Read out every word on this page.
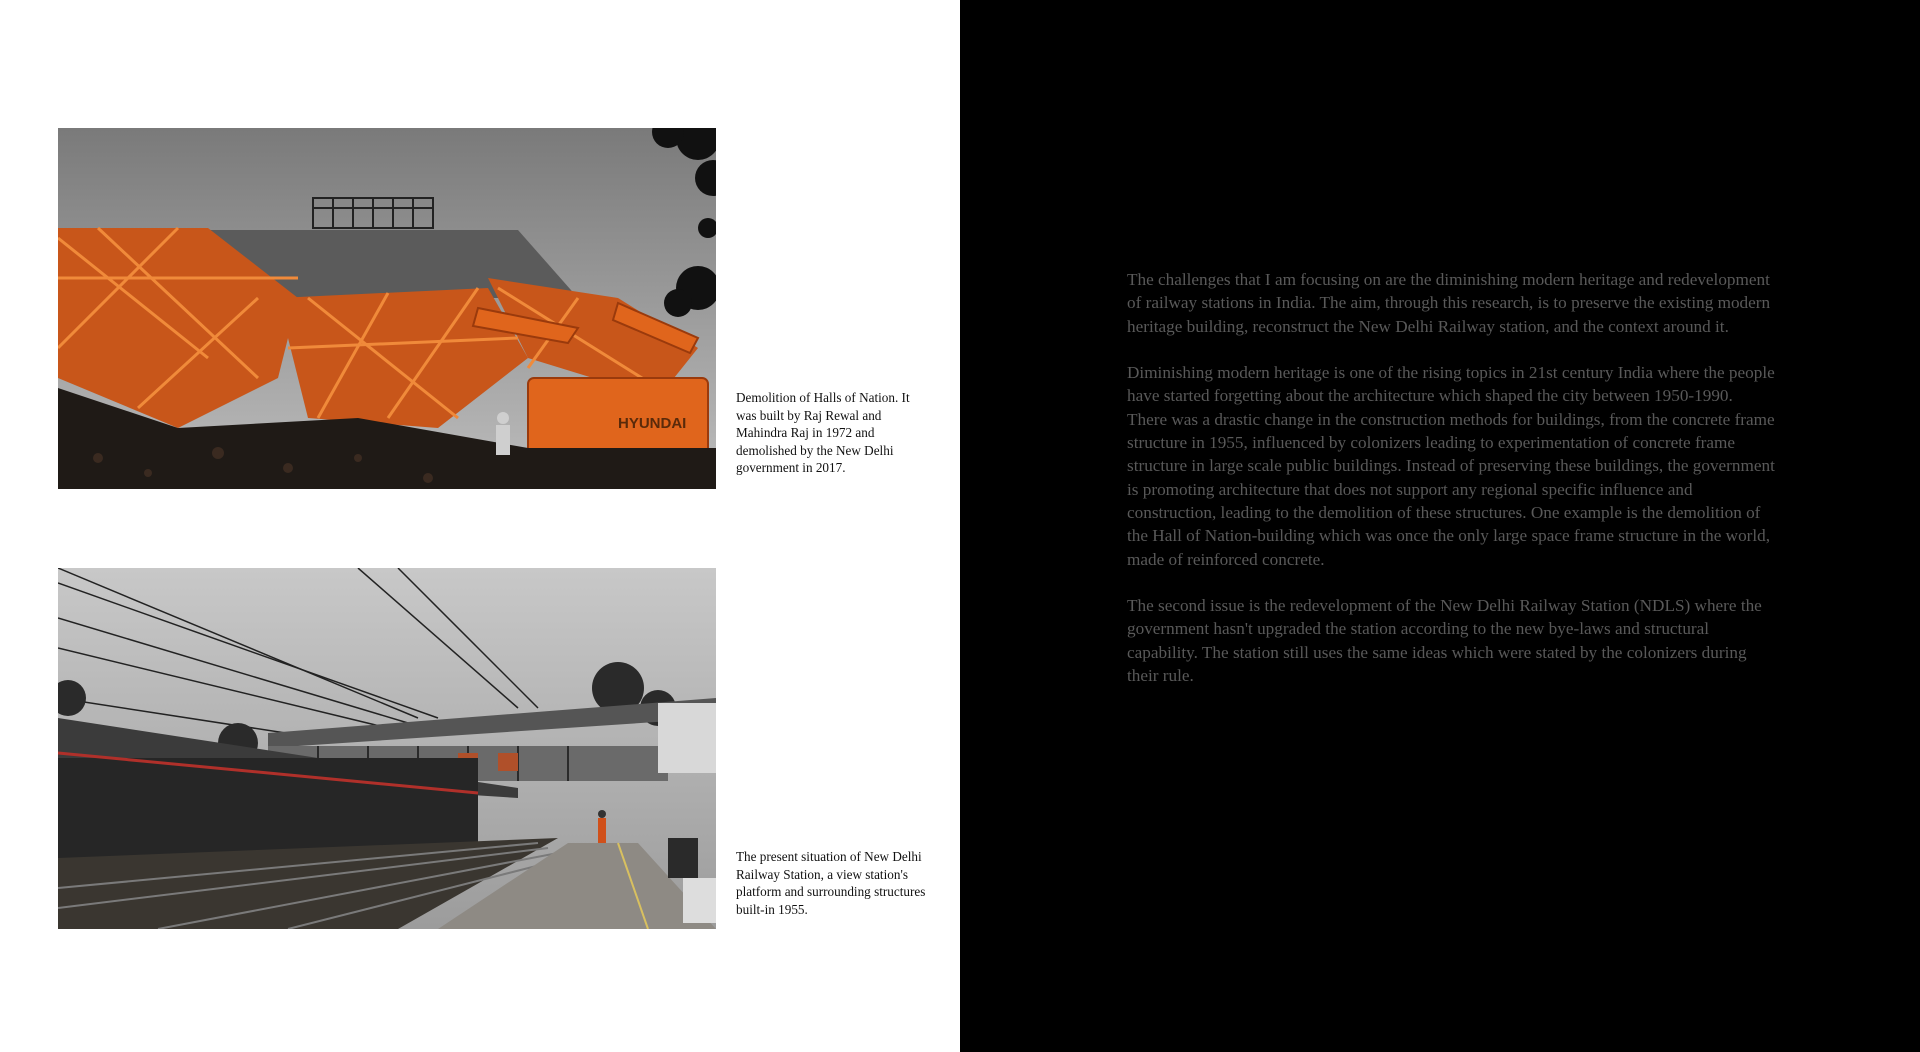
HYUNDAI
Demolition of Halls of Nation. It was built by Raj Rewal and Mahindra Raj in 1972 and demolished by the New Delhi government in 2017.
The present situation of New Delhi Railway Station, a view station's platform and surrounding structures built-in 1955.

The challenges that I am focusing on are the diminishing modern heritage and redevelopment of railway stations in India. The aim, through this research, is to preserve the existing modern heritage building, reconstruct the New Delhi Railway station, and the context around it.

Diminishing modern heritage is one of the rising topics in 21st century India where the people have started forgetting about the architecture which shaped the city between 1950-1990. There was a drastic change in the construction methods for buildings, from the concrete frame structure in 1955, influenced by colonizers leading to experimentation of concrete frame structure in large scale public buildings. Instead of preserving these buildings, the government is promoting architecture that does not support any regional specific influence and construction, leading to the demolition of these structures. One example is the demolition of the Hall of Nation-building which was once the only large space frame structure in the world, made of reinforced concrete.

The second issue is the redevelopment of the New Delhi Railway Station (NDLS) where the government hasn't upgraded the station according to the new bye-laws and structural capability. The station still uses the same ideas which were stated by the colonizers during their rule.
